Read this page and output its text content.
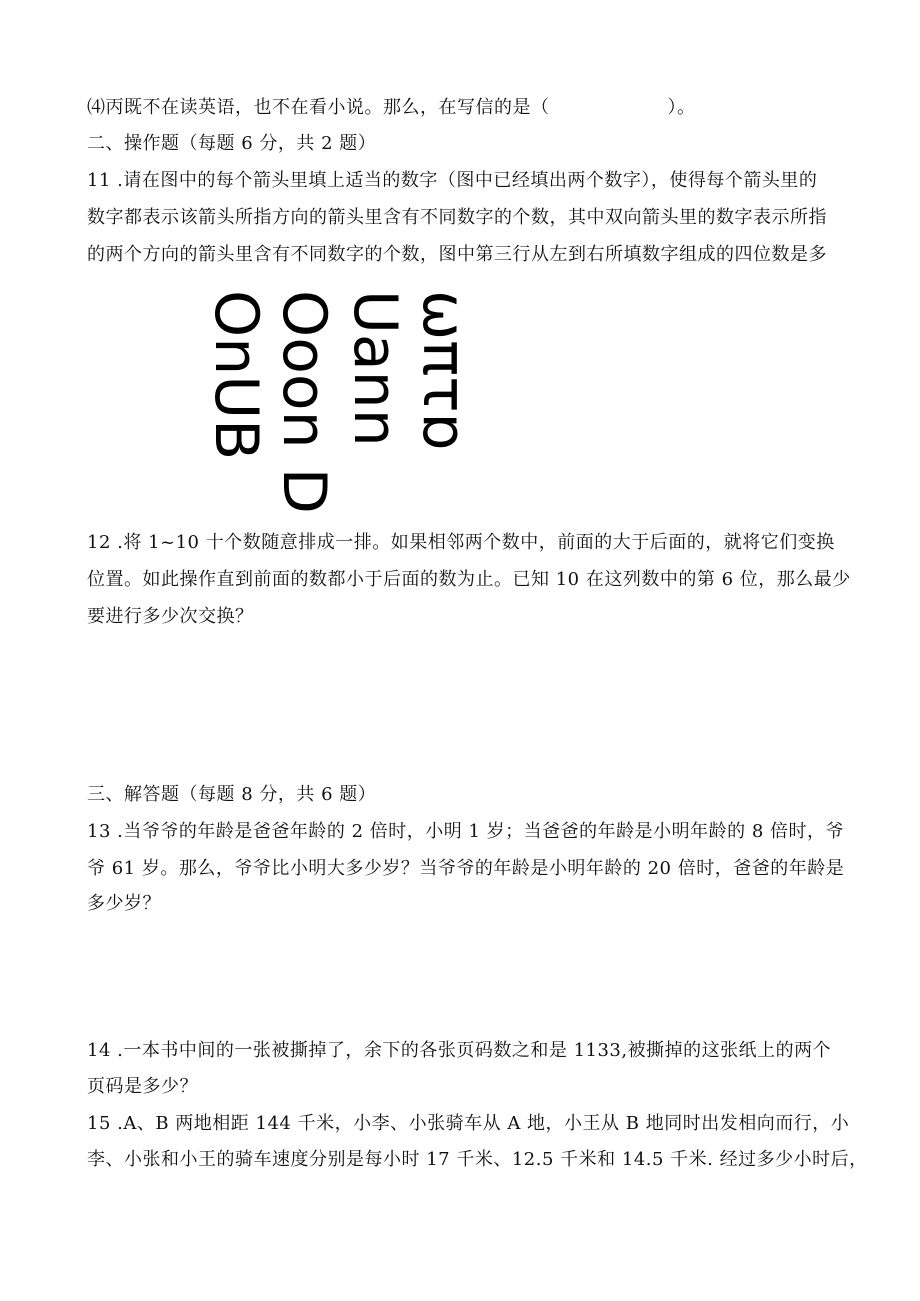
⑷丙既不在读英语，也不在看小说。那么，在写信的是（	）。
二、操作题（每题 6 分，共 2 题）
11 .请在图中的每个箭头里填上适当的数字（图中已经填出两个数字），使得每个箭头里的
数字都表示该箭头所指方向的箭头里含有不同数字的个数，其中双向箭头里的数字表示所指
的两个方向的箭头里含有不同数字的个数，图中第三行从左到右所填数字组成的四位数是多
ωπτɒ
Uann
Ooon D
OnUB
12 .将 1~10 十个数随意排成一排。如果相邻两个数中，前面的大于后面的，就将它们变换
位置。如此操作直到前面的数都小于后面的数为止。已知 10 在这列数中的第 6 位，那么最少
要进行多少次交换？
三、解答题（每题 8 分，共 6 题）
13 .当爷爷的年龄是爸爸年龄的 2 倍时，小明 1 岁；当爸爸的年龄是小明年龄的 8 倍时，爷
爷 61 岁。那么，爷爷比小明大多少岁？当爷爷的年龄是小明年龄的 20 倍时，爸爸的年龄是
多少岁？
14 .一本书中间的一张被撕掉了，余下的各张页码数之和是 1133,被撕掉的这张纸上的两个
页码是多少？
15 .A、B 两地相距 144 千米，小李、小张骑车从 A 地，小王从 B 地同时出发相向而行，小
李、小张和小王的骑车速度分别是每小时 17 千米、12.5 千米和 14.5 千米. 经过多少小时后，
